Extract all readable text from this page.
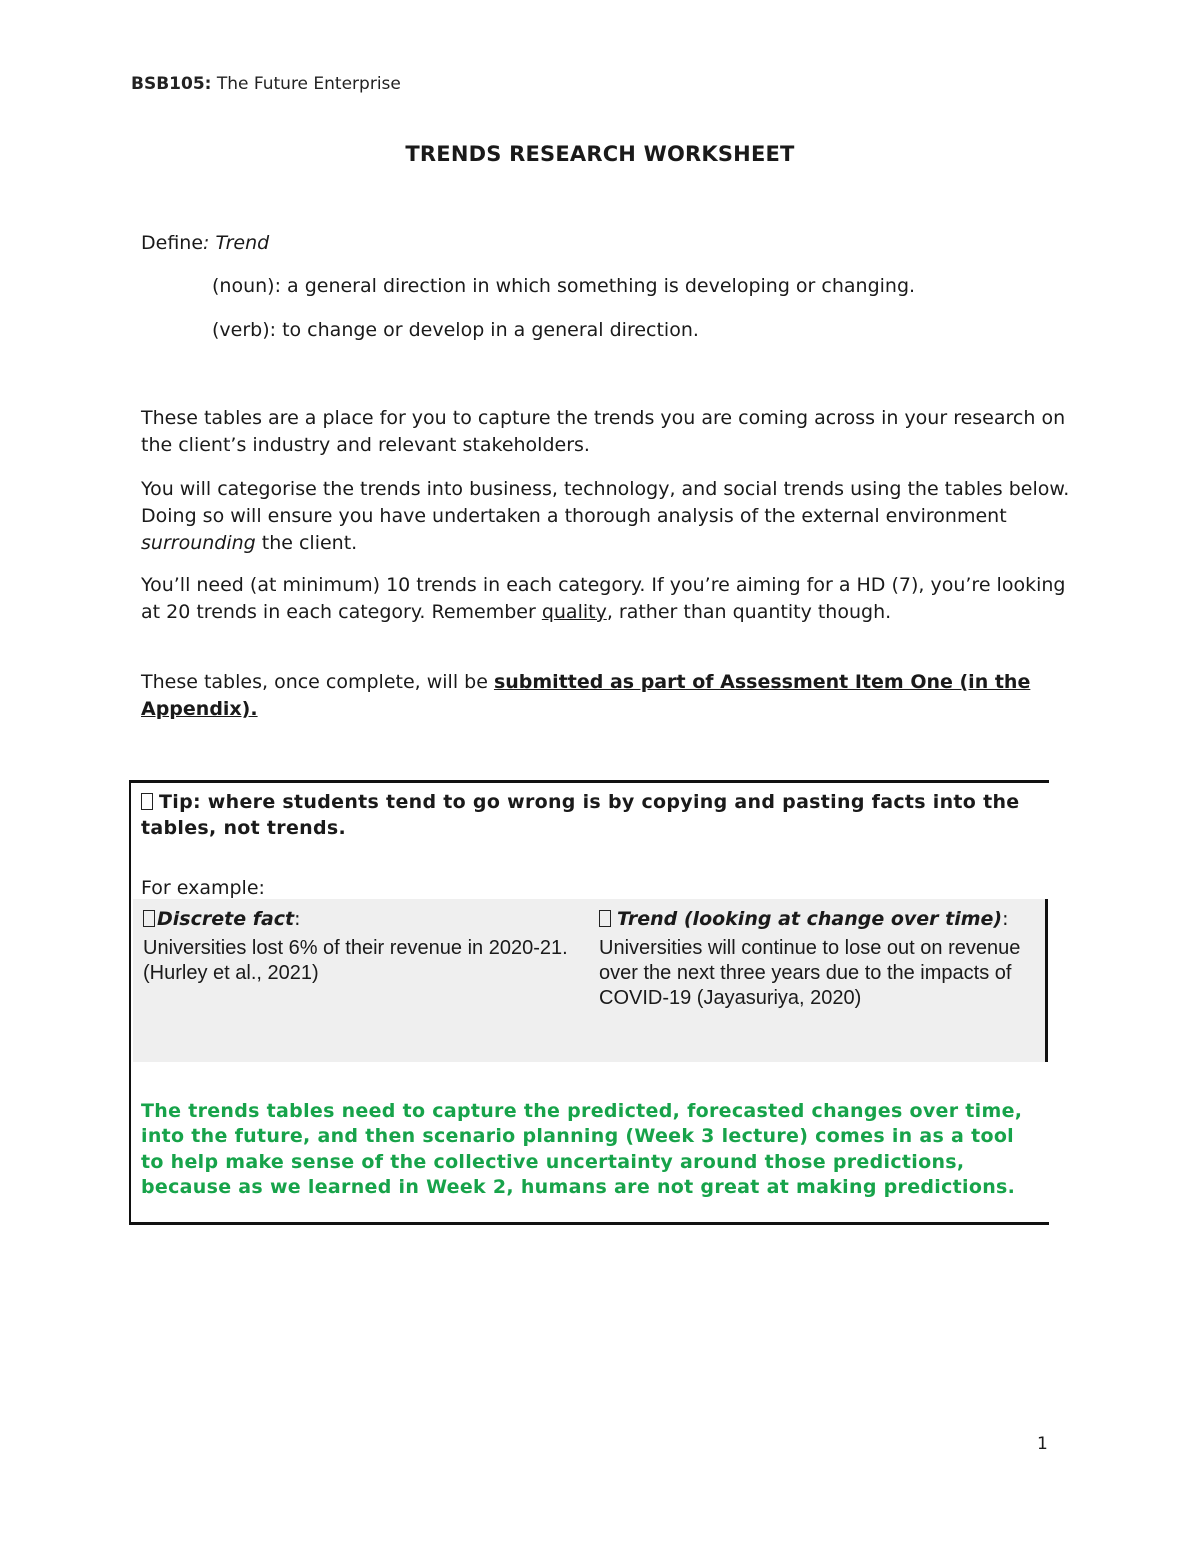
BSB105: The Future Enterprise
TRENDS RESEARCH WORKSHEET
Define: Trend
(noun): a general direction in which something is developing or changing.
(verb): to change or develop in a general direction.

These tables are a place for you to capture the trends you are coming across in your research on the client’s industry and relevant stakeholders.

You will categorise the trends into business, technology, and social trends using the tables below. Doing so will ensure you have undertaken a thorough analysis of the external environment surrounding the client.

You’ll need (at minimum) 10 trends in each category. If you’re aiming for a HD (7), you’re looking at 20 trends in each category. Remember quality, rather than quantity though.

These tables, once complete, will be submitted as part of Assessment Item One (in the Appendix).

Tip: where students tend to go wrong is by copying and pasting facts into the tables, not trends.
For example:
Discrete fact:
Universities lost 6% of their revenue in 2020-21. (Hurley et al., 2021)
Trend (looking at change over time):
Universities will continue to lose out on revenue over the next three years due to the impacts of COVID-19 (Jayasuriya, 2020)
The trends tables need to capture the predicted, forecasted changes over time, into the future, and then scenario planning (Week 3 lecture) comes in as a tool to help make sense of the collective uncertainty around those predictions, because as we learned in Week 2, humans are not great at making predictions.
1
